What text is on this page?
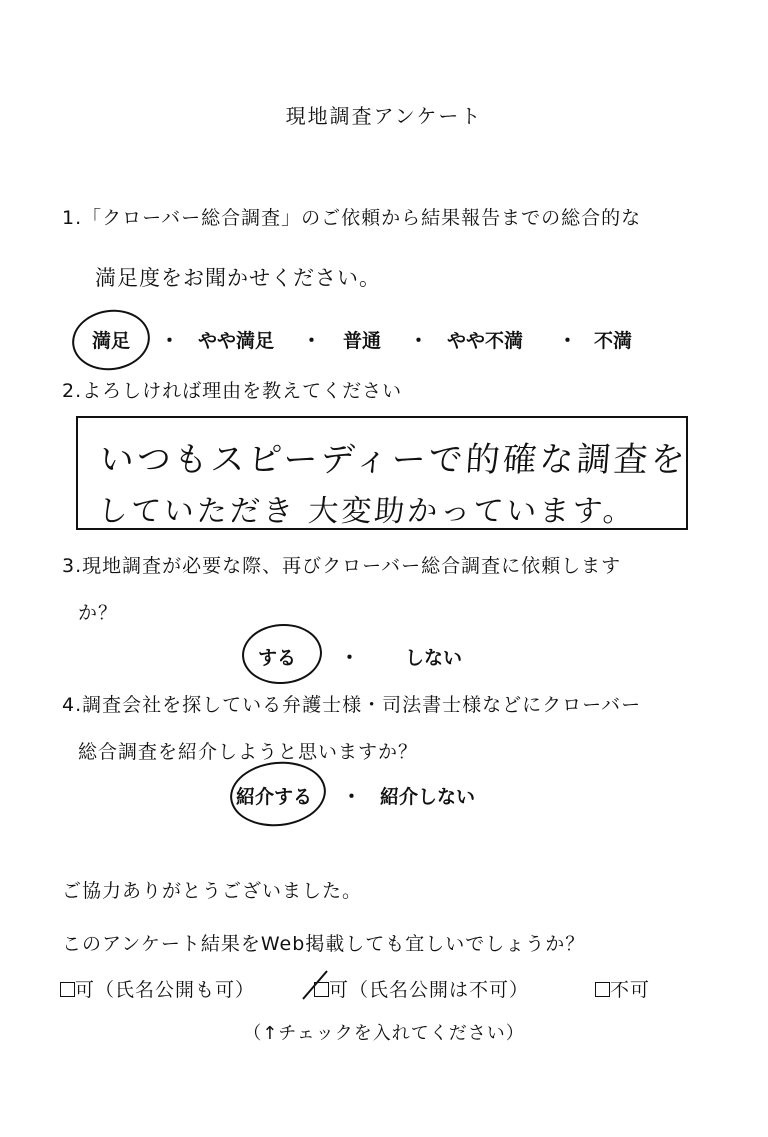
現地調査アンケート
1.「クローバー総合調査」のご依頼から結果報告までの総合的な
満足度をお聞かせください。
満足 ・ やや満足 ・ 普通 ・ やや不満 ・ 不満
2.よろしければ理由を教えてください
いつもスピーディーで的確な調査を
していただき 大変助かっています。
3.現地調査が必要な際、再びクローバー総合調査に依頼します
か？
する ・ しない
4.調査会社を探している弁護士様・司法書士様などにクローバー
総合調査を紹介しようと思いますか？
紹介する ・ 紹介しない
ご協力ありがとうございました。
このアンケート結果をWeb掲載しても宜しいでしょうか？
可（氏名公開も可）	可（氏名公開は不可）	不可
（↑チェックを入れてください）
